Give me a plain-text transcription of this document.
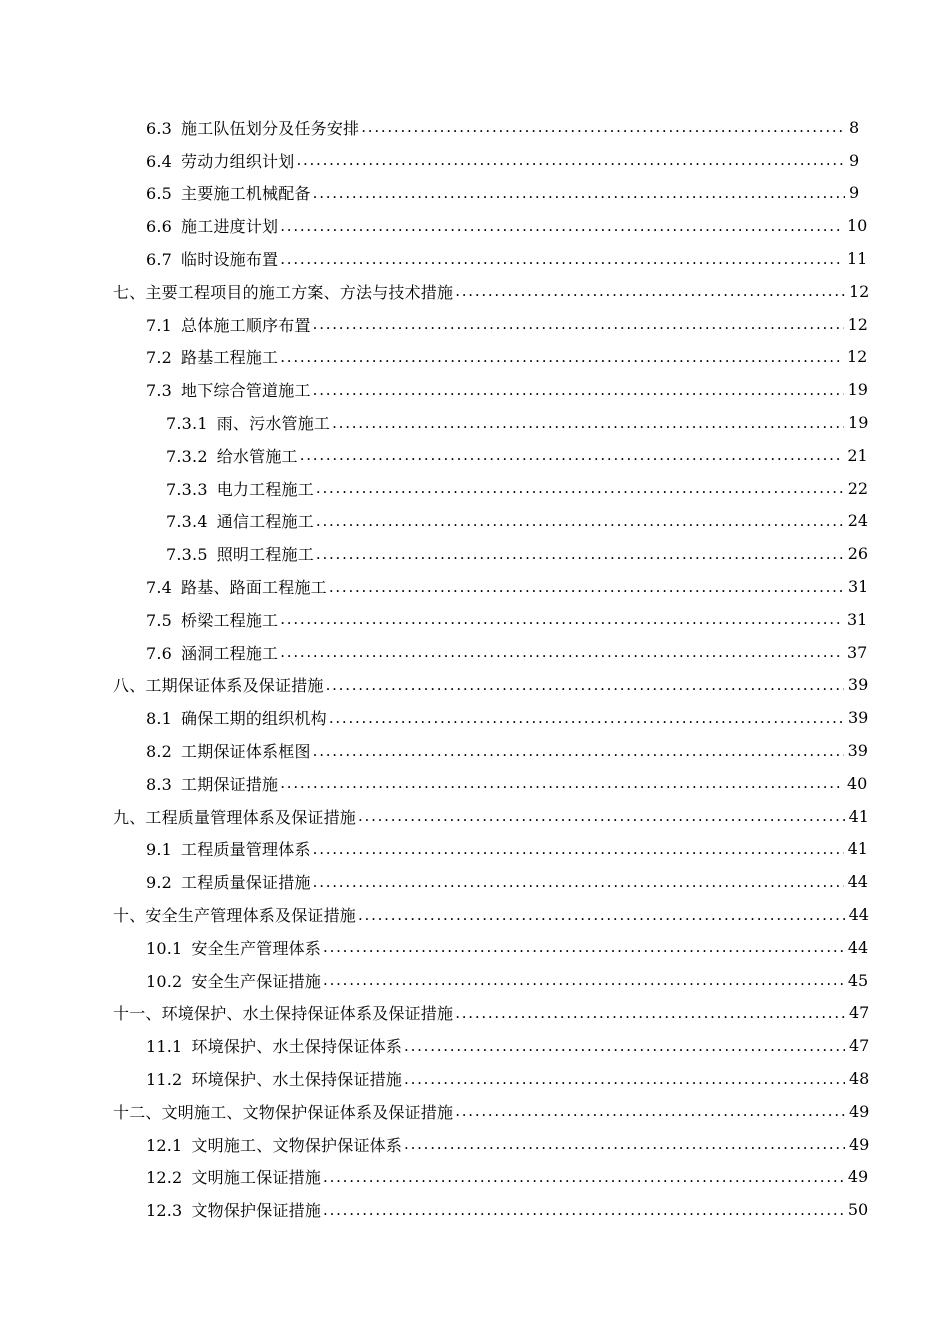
6.3 施工队伍划分及任务安排 . . .	8
6.4 劳动力组织计划 . . .	9
6.5 主要施工机械配备 . . .	9
6.6 施工进度计划 . . .	10
6.7 临时设施布置 . . .	11
七、主要工程项目的施工方案、方法与技术措施 . . .	12
7.1 总体施工顺序布置 . . .	12
7.2 路基工程施工 . . .	12
7.3 地下综合管道施工 . . .	19
7.3.1 雨、污水管施工 . . .	19
7.3.2 给水管施工 . . .	21
7.3.3 电力工程施工 . . .	22
7.3.4 通信工程施工 . . .	24
7.3.5 照明工程施工 . . .	26
7.4 路基、路面工程施工 . . .	31
7.5 桥梁工程施工 . . .	31
7.6 涵洞工程施工 . . .	37
八、工期保证体系及保证措施 . . .	39
8.1 确保工期的组织机构 . . .	39
8.2 工期保证体系框图 . . .	39
8.3 工期保证措施 . . .	40
九、工程质量管理体系及保证措施 . . .	41
9.1 工程质量管理体系 . . .	41
9.2 工程质量保证措施 . . .	44
十、安全生产管理体系及保证措施 . . .	44
10.1 安全生产管理体系 . . .	44
10.2 安全生产保证措施 . . .	45
十一、环境保护、水土保持保证体系及保证措施 . . .	47
11.1 环境保护、水土保持保证体系 . . .	47
11.2 环境保护、水土保持保证措施 . . .	48
十二、文明施工、文物保护保证体系及保证措施 . . .	49
12.1 文明施工、文物保护保证体系 . . .	49
12.2 文明施工保证措施 . . .	49
12.3 文物保护保证措施 . . .	50
